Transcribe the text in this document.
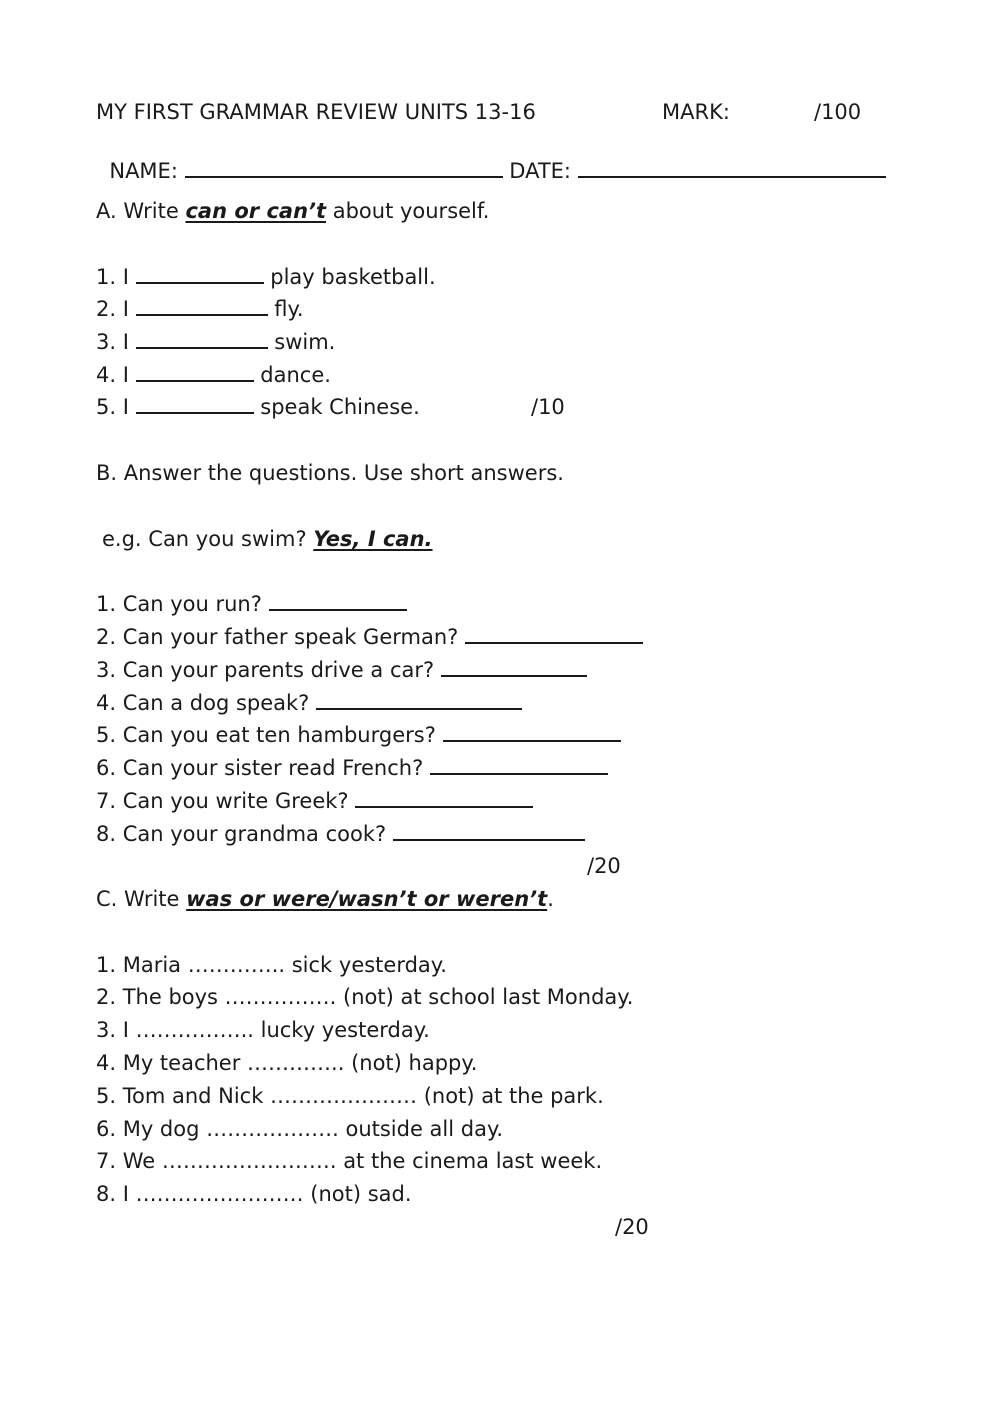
MY FIRST GRAMMAR REVIEW UNITS 13-16	MARK:	/100

NAME:	DATE:

A. Write can or can’t about yourself.
1. I	play basketball.
2. I	fly.
3. I	swim.
4. I	dance.
5. I	speak Chinese.	/10
B. Answer the questions. Use short answers.
e.g. Can you swim? Yes, I can.
1. Can you run?
2. Can your father speak German?
3. Can your parents drive a car?
4. Can a dog speak?
5. Can you eat ten hamburgers?
6. Can your sister read French?
7. Can you write Greek?
8. Can your grandma cook?
/20
C. Write was or were/wasn’t or weren’t.
1. Maria ………….. sick yesterday.
2. The boys ……………. (not) at school last Monday.
3. I …………….. lucky yesterday.
4. My teacher ………….. (not) happy.
5. Tom and Nick ………………… (not) at the park.
6. My dog ………………. outside all day.
7. We ……………………. at the cinema last week.
8. I …………………… (not) sad.
/20
